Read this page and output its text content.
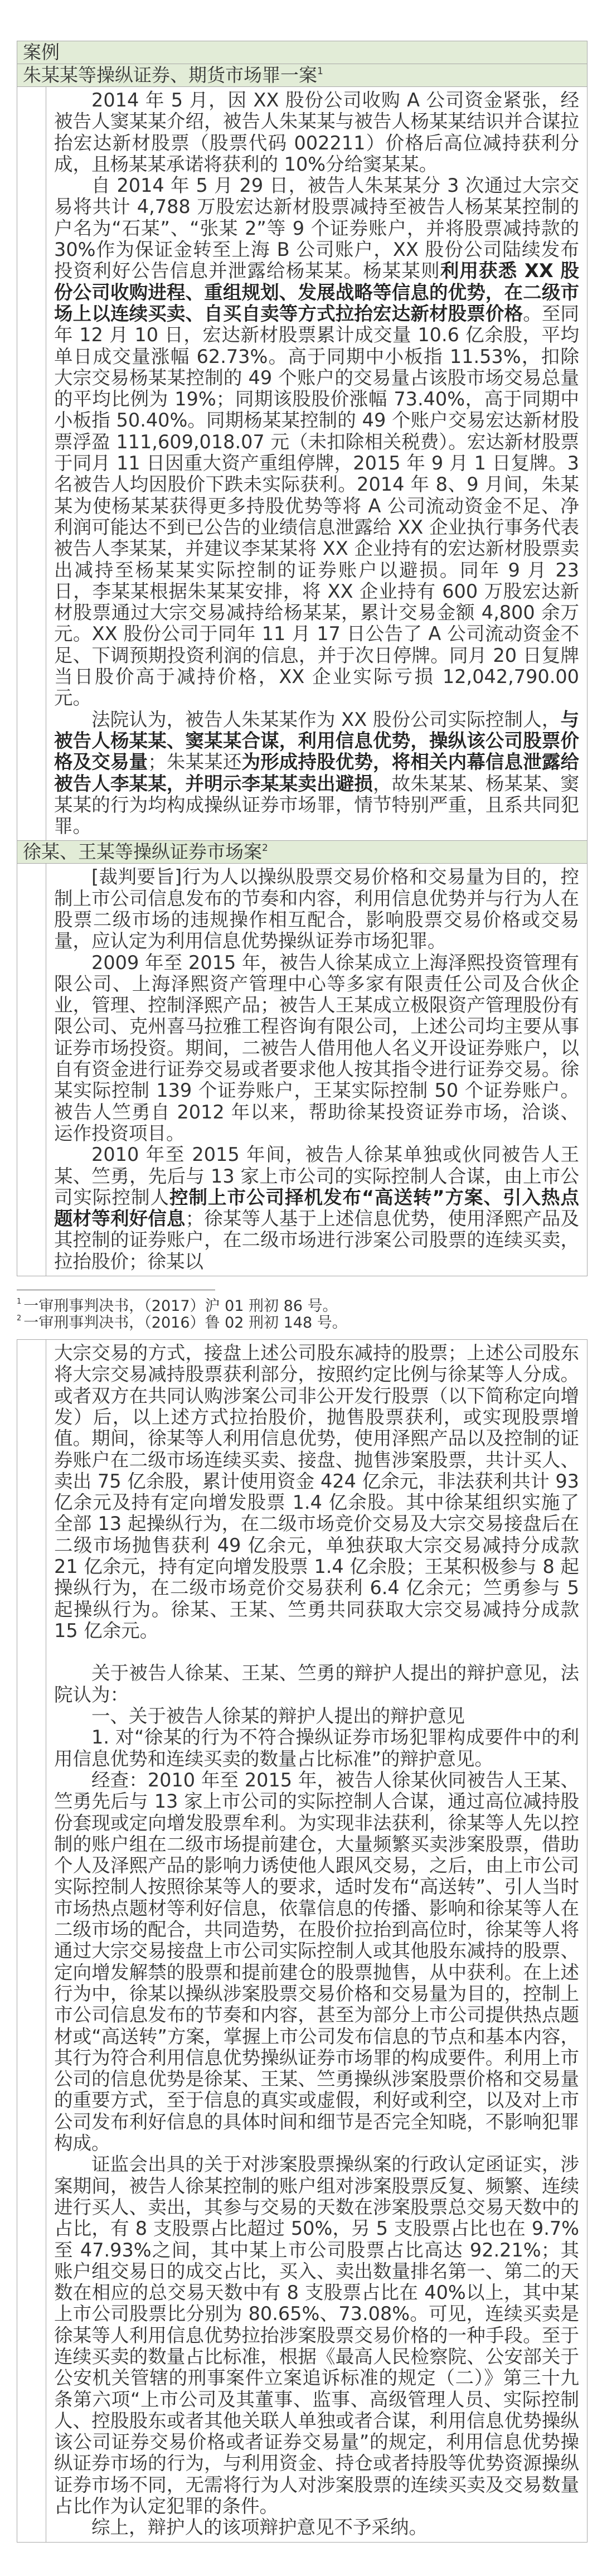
案例
朱某某等操纵证券、期货市场罪一案$^1$

2014 年 5 月，因 XX 股份公司收购 A 公司资金紧张，经被告人窦某某介绍，被告人朱某某与被告人杨某某结识并合谋拉抬宏达新材股票（股票代码 002211）价格后高位减持获利分成，且杨某某承诺将获利的 10%分给窦某某。

自 2014 年 5 月 29 日，被告人朱某某分 3 次通过大宗交易将共计 4,788 万股宏达新材股票减持至被告人杨某某控制的户名为“石某”、“张某 2”等 9 个证券账户，并将股票减持款的 30%作为保证金转至上海 B 公司账户，XX 股份公司陆续发布投资利好公告信息并泄露给杨某某。杨某某则利用获悉 XX 股份公司收购进程、重组规划、发展战略等信息的优势，在二级市场上以连续买卖、自买自卖等方式拉抬宏达新材股票价格。至同年 12 月 10 日，宏达新材股票累计成交量 10.6 亿余股，平均单日成交量涨幅 62.73%。高于同期中小板指 11.53%，扣除大宗交易杨某某控制的 49 个账户的交易量占该股市场交易总量的平均比例为 19%；同期该股股价涨幅 73.40%，高于同期中小板指 50.40%。同期杨某某控制的 49 个账户交易宏达新材股票浮盈 111,609,018.07 元（未扣除相关税费）。宏达新材股票于同月 11 日因重大资产重组停牌，2015 年 9 月 1 日复牌。3 名被告人均因股价下跌未实际获利。2014 年 8、9 月间，朱某某为使杨某某获得更多持股优势等将 A 公司流动资金不足、净利润可能达不到已公告的业绩信息泄露给 XX 企业执行事务代表被告人李某某，并建议李某某将 XX 企业持有的宏达新材股票卖出减持至杨某某实际控制的证券账户以避损。同年 9 月 23 日，李某某根据朱某某安排，将 XX 企业持有 600 万股宏达新材股票通过大宗交易减持给杨某某，累计交易金额 4,800 余万元。XX 股份公司于同年 11 月 17 日公告了 A 公司流动资金不足、下调预期投资利润的信息，并于次日停牌。同月 20 日复牌当日股价高于减持价格，XX 企业实际亏损 12,042,790.00 元。

法院认为，被告人朱某某作为 XX 股份公司实际控制人，与被告人杨某某、窦某某合谋，利用信息优势，操纵该公司股票价格及交易量；朱某某还为形成持股优势，将相关内幕信息泄露给被告人李某某，并明示李某某卖出避损，故朱某某、杨某某、窦某某的行为均构成操纵证券市场罪，情节特别严重，且系共同犯罪。

徐某、王某等操纵证券市场案$^2$

[裁判要旨]行为人以操纵股票交易价格和交易量为目的，控制上市公司信息发布的节奏和内容，利用信息优势并与行为人在股票二级市场的违规操作相互配合，影响股票交易价格或交易量，应认定为利用信息优势操纵证券市场犯罪。

2009 年至 2015 年，被告人徐某成立上海泽熙投资管理有限公司、上海泽熙资产管理中心等多家有限责任公司及合伙企业，管理、控制泽熙产品；被告人王某成立极限资产管理股份有限公司、克州喜马拉雅工程咨询有限公司，上述公司均主要从事证券市场投资。期间，二被告人借用他人名义开设证券账户，以自有资金进行证券交易或者要求他人按其指令进行证券交易。徐某实际控制 139 个证券账户，王某实际控制 50 个证券账户。被告人竺勇自 2012 年以来，帮助徐某投资证券市场，洽谈、运作投资项目。

2010 年至 2015 年间，被告人徐某单独或伙同被告人王某、竺勇，先后与 13 家上市公司的实际控制人合谋，由上市公司实际控制人控制上市公司择机发布“高送转”方案、引入热点题材等利好信息；徐某等人基于上述信息优势，使用泽熙产品及其控制的证券账户，在二级市场进行涉案公司股票的连续买卖，拉抬股价；徐某以

$^1$ 一审刑事判决书，（2017）沪 01 刑初 86 号。
$^2$ 一审刑事判决书，（2016）鲁 02 刑初 148 号。

大宗交易的方式，接盘上述公司股东减持的股票；上述公司股东将大宗交易减持股票获利部分，按照约定比例与徐某等人分成。或者双方在共同认购涉案公司非公开发行股票（以下简称定向增发）后，以上述方式拉抬股价，抛售股票获利，或实现股票增值。期间，徐某等人利用信息优势，使用泽熙产品以及控制的证券账户在二级市场连续买卖、接盘、抛售涉案股票，共计买人、卖出 75 亿余股，累计使用资金 424 亿余元，非法获利共计 93 亿余元及持有定向增发股票 1.4 亿余股。其中徐某组织实施了全部 13 起操纵行为，在二级市场竞价交易及大宗交易接盘后在二级市场抛售获利 49 亿余元，单独获取大宗交易减持分成款 21 亿余元，持有定向增发股票 1.4 亿余股；王某积极参与 8 起操纵行为，在二级市场竞价交易获利 6.4 亿余元；竺勇参与 5 起操纵行为。徐某、王某、竺勇共同获取大宗交易减持分成款 15 亿余元。

关于被告人徐某、王某、竺勇的辩护人提出的辩护意见，法院认为：

一、关于被告人徐某的辩护人提出的辩护意见

1. 对“徐某的行为不符合操纵证券市场犯罪构成要件中的利用信息优势和连续买卖的数量占比标准”的辩护意见。

经查：2010 年至 2015 年，被告人徐某伙同被告人王某、竺勇先后与 13 家上市公司的实际控制人合谋，通过高位减持股份套现或定向增发股票牟利。为实现非法获利，徐某等人先以控制的账户组在二级市场提前建仓，大量频繁买卖涉案股票，借助个人及泽熙产品的影响力诱使他人跟风交易，之后，由上市公司实际控制人按照徐某等人的要求，适时发布“高送转”、引人当时市场热点题材等利好信息，依靠信息的传播、影响和徐某等人在二级市场的配合，共同造势，在股价拉抬到高位时，徐某等人将通过大宗交易接盘上市公司实际控制人或其他股东减持的股票、定向增发解禁的股票和提前建仓的股票抛售，从中获利。在上述行为中，徐某以操纵涉案股票交易价格和交易量为目的，控制上市公司信息发布的节奏和内容，甚至为部分上市公司提供热点题材或“高送转”方案，掌握上市公司发布信息的节点和基本内容，其行为符合利用信息优势操纵证券市场罪的构成要件。利用上市公司的信息优势是徐某、王某、竺勇操纵涉案股票价格和交易量的重要方式，至于信息的真实或虚假，利好或利空，以及对上市公司发布利好信息的具体时间和细节是否完全知晓，不影响犯罪构成。

证监会出具的关于对涉案股票操纵案的行政认定函证实，涉案期间，被告人徐某控制的账户组对涉案股票反复、频繁、连续进行买人、卖出，其参与交易的天数在涉案股票总交易天数中的占比，有 8 支股票占比超过 50%，另 5 支股票占比也在 9.7%至 47.93%之间，其中某上市公司股票占比高达 92.21%；其账户组交易日的成交占比，买入、卖出数量排名第一、第二的天数在相应的总交易天数中有 8 支股票占比在 40%以上，其中某上市公司股票比分别为 80.65%、73.08%。可见，连续买卖是徐某等人利用信息优势拉抬涉案股票交易价格的一种手段。至于连续买卖的数量占比标准，根据《最高人民检察院、公安部关于公安机关管辖的刑事案件立案追诉标准的规定（二）》第三十九条第六项“上市公司及其董事、监事、高级管理人员、实际控制人、控股股东或者其他关联人单独或者合谋，利用信息优势操纵该公司证券交易价格或者证券交易量”的规定，利用信息优势操纵证券市场的行为，与利用资金、持仓或者持股等优势资源操纵证券市场不同，无需将行为人对涉案股票的连续买卖及交易数量占比作为认定犯罪的条件。

综上，辩护人的该项辩护意见不予采纳。
